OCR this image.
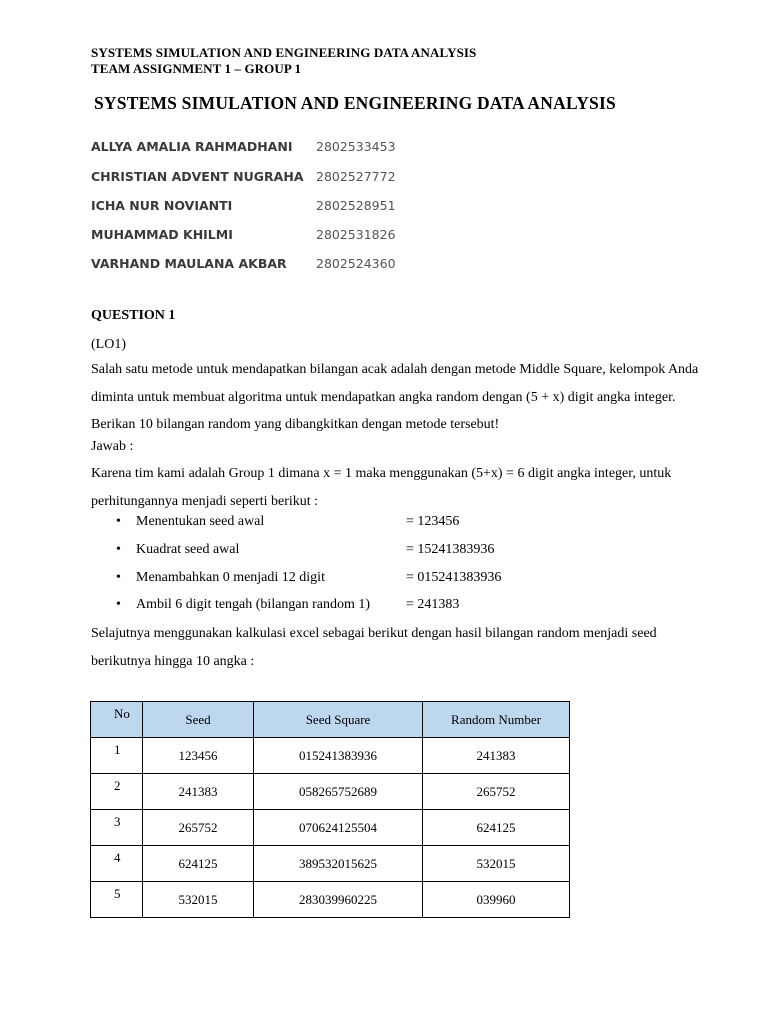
SYSTEMS SIMULATION AND ENGINEERING DATA ANALYSIS
TEAM ASSIGNMENT 1 – GROUP 1
SYSTEMS SIMULATION AND ENGINEERING DATA ANALYSIS
ALLYA AMALIA RAHMADHANI 2802533453
CHRISTIAN ADVENT NUGRAHA 2802527772
ICHA NUR NOVIANTI	2802528951
MUHAMMAD KHILMI	2802531826
VARHAND MAULANA AKBAR 2802524360
QUESTION 1
(LO1)
Salah satu metode untuk mendapatkan bilangan acak adalah dengan metode Middle Square, kelompok Anda diminta untuk membuat algoritma untuk mendapatkan angka random dengan (5 + x) digit angka integer. Berikan 10 bilangan random yang dibangkitkan dengan metode tersebut!
Jawab :
Karena tim kami adalah Group 1 dimana x = 1 maka menggunakan (5+x) = 6 digit angka integer, untuk perhitungannya menjadi seperti berikut :
• Menentukan seed awal	= 123456
• Kuadrat seed awal	= 15241383936
• Menambahkan 0 menjadi 12 digit	= 015241383936
• Ambil 6 digit tengah (bilangan random 1)	= 241383
Selajutnya menggunakan kalkulasi excel sebagai berikut dengan hasil bilangan random menjadi seed berikutnya hingga 10 angka :
No	Seed	Seed Square	Random Number
1	123456	015241383936	241383
2	241383	058265752689	265752
3	265752	070624125504	624125
4	624125	389532015625	532015
5	532015	283039960225	039960
